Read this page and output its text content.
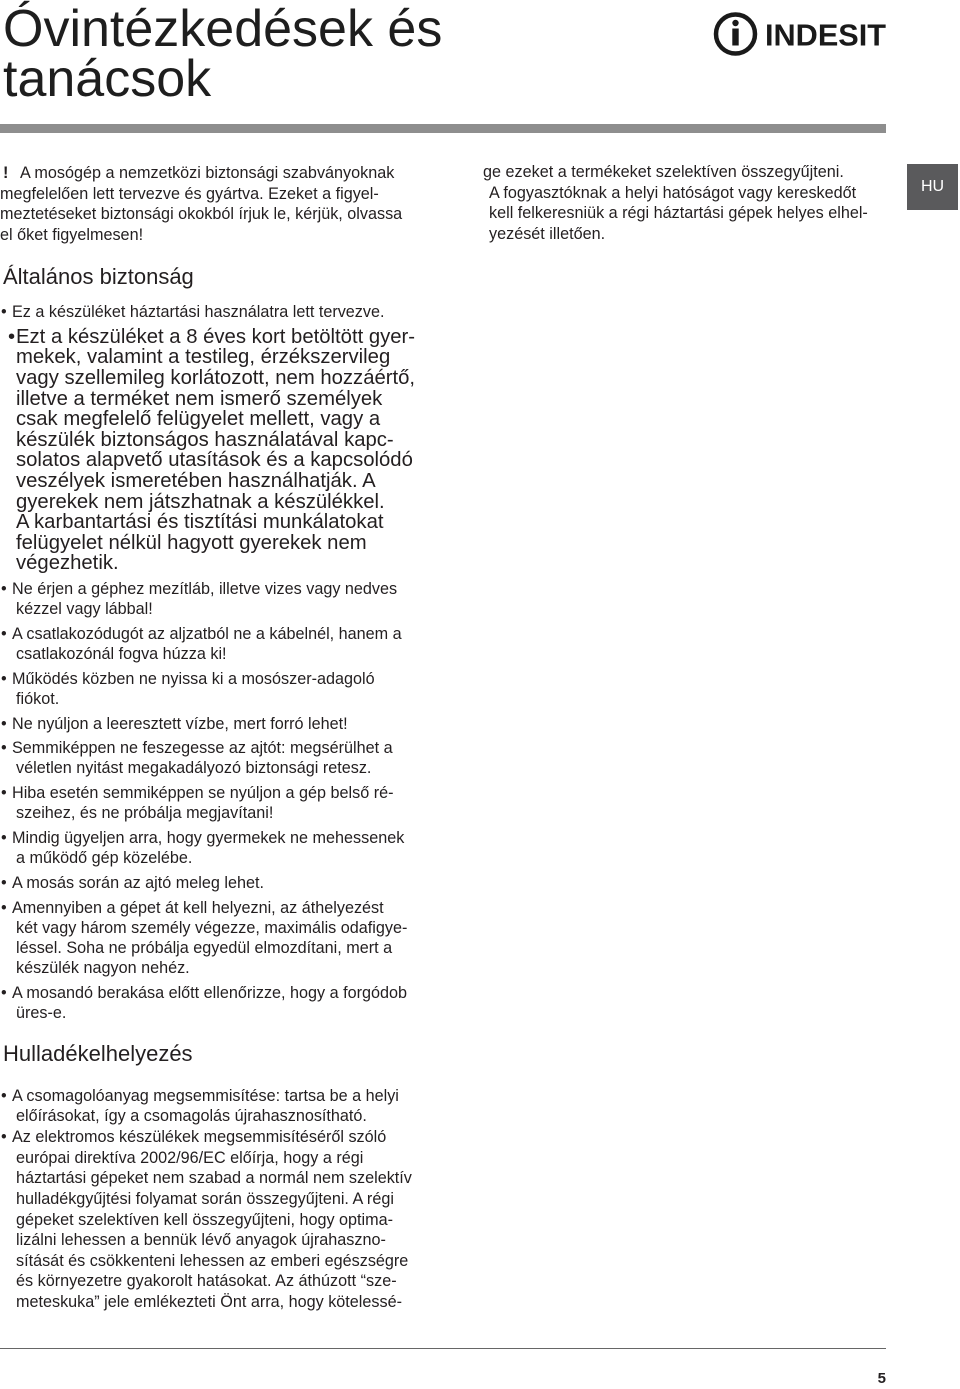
Óvintézkedések és
tanácsok
INDESIT
HU
! A mosógép a nemzetközi biztonsági szabványoknak
megfelelően lett tervezve és gyártva. Ezeket a figyel-
meztetéseket biztonsági okokból írjuk le, kérjük, olvassa
el őket figyelmesen!
ge ezeket a termékeket szelektíven összegyűjteni.
A fogyasztóknak a helyi hatóságot vagy kereskedőt
kell felkeresniük a régi háztartási gépek helyes elhel-
yezését illetően.
Általános biztonság
• Ez a készüléket háztartási használatra lett tervezve.
• Ezt a készüléket a 8 éves kort betöltött gyer-
mekek, valamint a testileg, érzékszervileg
vagy szellemileg korlátozott, nem hozzáértő,
illetve a terméket nem ismerő személyek
csak megfelelő felügyelet mellett, vagy a
készülék biztonságos használatával kapc-
solatos alapvető utasítások és a kapcsolódó
veszélyek ismeretében használhatják. A
gyerekek nem játszhatnak a készülékkel.
A karbantartási és tisztítási munkálatokat
felügyelet nélkül hagyott gyerekek nem
végezhetik.
• Ne érjen a géphez mezítláb, illetve vizes vagy nedves
kézzel vagy lábbal!
• A csatlakozódugót az aljzatból ne a kábelnél, hanem a
csatlakozónál fogva húzza ki!
• Működés közben ne nyissa ki a mosószer-adagoló
fiókot.
• Ne nyúljon a leeresztett vízbe, mert forró lehet!
• Semmiképpen ne feszegesse az ajtót: megsérülhet a
véletlen nyitást megakadályozó biztonsági retesz.
• Hiba esetén semmiképpen se nyúljon a gép belső ré-
szeihez, és ne próbálja megjavítani!
• Mindig ügyeljen arra, hogy gyermekek ne mehessenek
a működő gép közelébe.
• A mosás során az ajtó meleg lehet.
• Amennyiben a gépet át kell helyezni, az áthelyezést
két vagy három személy végezze, maximális odafigye-
léssel. Soha ne próbálja egyedül elmozdítani, mert a
készülék nagyon nehéz.
• A mosandó berakása előtt ellenőrizze, hogy a forgódob
üres-e.
Hulladékelhelyezés
• A csomagolóanyag megsemmisítése: tartsa be a helyi
előírásokat, így a csomagolás újrahasznosítható.
• Az elektromos készülékek megsemmisítéséről szóló
európai direktíva 2002/96/EC előírja, hogy a régi
háztartási gépeket nem szabad a normál nem szelektív
hulladékgyűjtési folyamat során összegyűjteni. A régi
gépeket szelektíven kell összegyűjteni, hogy optima-
lizálni lehessen a bennük lévő anyagok újrahaszno-
sítását és csökkenteni lehessen az emberi egészségre
és környezetre gyakorolt hatásokat. Az áthúzott “sze-
meteskuka” jele emlékezteti Önt arra, hogy kötelessé-
5
